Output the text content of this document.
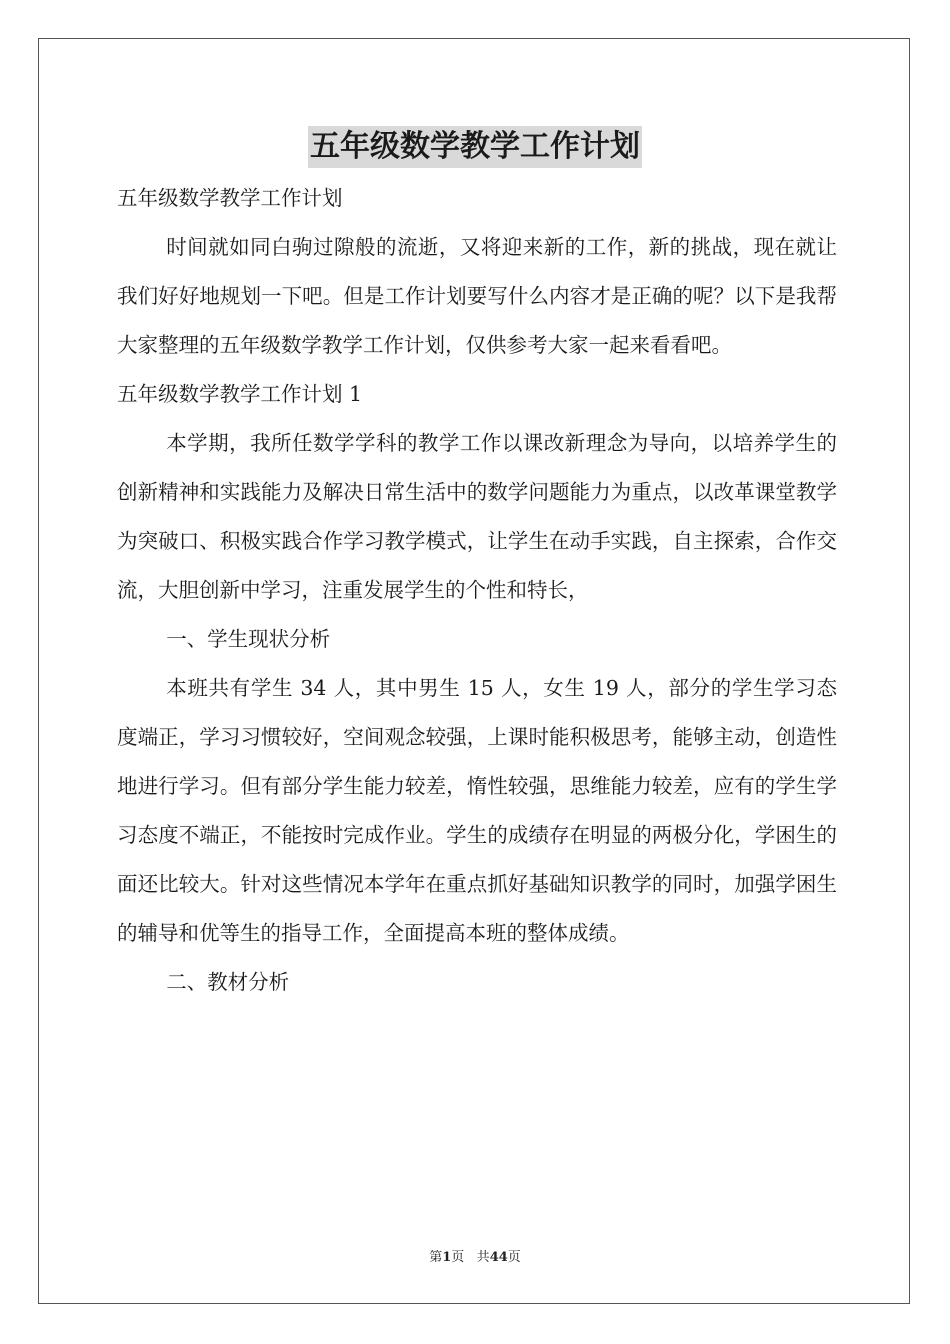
五年级数学教学工作计划

五年级数学教学工作计划

时间就如同白驹过隙般的流逝，又将迎来新的工作，新的挑战，现在就让我们好好地规划一下吧。但是工作计划要写什么内容才是正确的呢？以下是我帮大家整理的五年级数学教学工作计划，仅供参考大家一起来看看吧。

五年级数学教学工作计划 1

本学期，我所任数学学科的教学工作以课改新理念为导向，以培养学生的创新精神和实践能力及解决日常生活中的数学问题能力为重点，以改革课堂教学为突破口、积极实践合作学习教学模式，让学生在动手实践，自主探索，合作交流，大胆创新中学习，注重发展学生的个性和特长，

一、学生现状分析

本班共有学生 34 人，其中男生 15 人，女生 19 人，部分的学生学习态度端正，学习习惯较好，空间观念较强，上课时能积极思考，能够主动，创造性地进行学习。但有部分学生能力较差，惰性较强，思维能力较差，应有的学生学习态度不端正，不能按时完成作业。学生的成绩存在明显的两极分化，学困生的面还比较大。针对这些情况本学年在重点抓好基础知识教学的同时，加强学困生的辅导和优等生的指导工作，全面提高本班的整体成绩。

二、教材分析

第1页 共44页
